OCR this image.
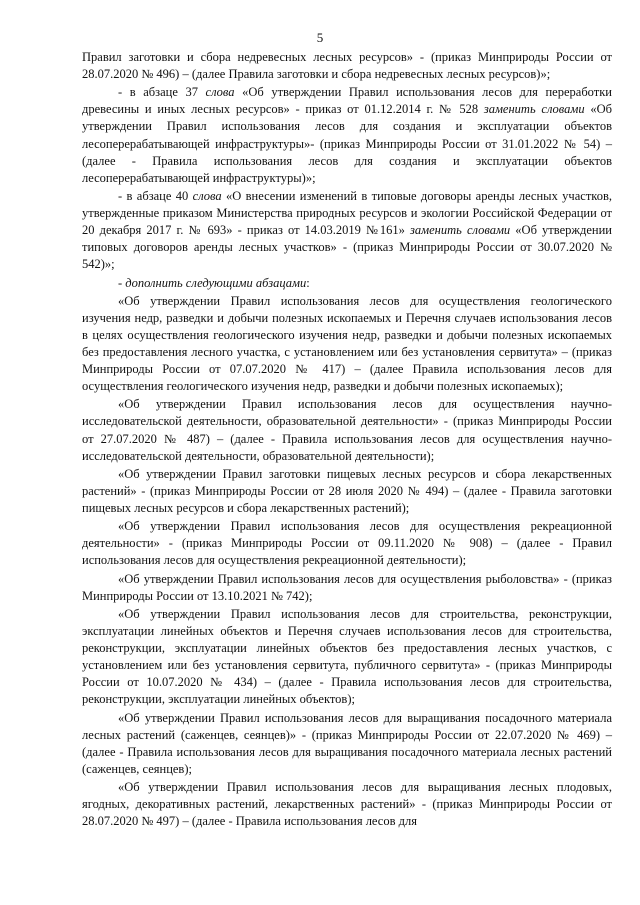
5

Правил заготовки и сбора недревесных лесных ресурсов» - (приказ Минприроды России от 28.07.2020 № 496) – (далее Правила заготовки и сбора недревесных лесных ресурсов)»;

- в абзаце 37 слова «Об утверждении Правил использования лесов для переработки древесины и иных лесных ресурсов» - приказ от 01.12.2014 г. № 528 заменить словами «Об утверждении Правил использования лесов для создания и эксплуатации объектов лесоперерабатывающей инфраструктуры»- (приказ Минприроды России от 31.01.2022 № 54) – (далее - Правила использования лесов для создания и эксплуатации объектов лесоперерабатывающей инфраструктуры)»;

- в абзаце 40 слова «О внесении изменений в типовые договоры аренды лесных участков, утвержденные приказом Министерства природных ресурсов и экологии Российской Федерации от 20 декабря 2017 г. № 693» - приказ от 14.03.2019 №161» заменить словами «Об утверждении типовых договоров аренды лесных участков» - (приказ Минприроды России от 30.07.2020 № 542)»;

- дополнить следующими абзацами:

«Об утверждении Правил использования лесов для осуществления геологического изучения недр, разведки и добычи полезных ископаемых и Перечня случаев использования лесов в целях осуществления геологического изучения недр, разведки и добычи полезных ископаемых без предоставления лесного участка, с установлением или без установления сервитута» – (приказ Минприроды России от 07.07.2020 № 417) – (далее Правила использования лесов для осуществления геологического изучения недр, разведки и добычи полезных ископаемых);

«Об утверждении Правил использования лесов для осуществления научно-исследовательской деятельности, образовательной деятельности» - (приказ Минприроды России от 27.07.2020 № 487) – (далее - Правила использования лесов для осуществления научно-исследовательской деятельности, образовательной деятельности);

«Об утверждении Правил заготовки пищевых лесных ресурсов и сбора лекарственных растений» - (приказ Минприроды России от 28 июля 2020 № 494) – (далее - Правила заготовки пищевых лесных ресурсов и сбора лекарственных растений);

«Об утверждении Правил использования лесов для осуществления рекреационной деятельности» - (приказ Минприроды России от 09.11.2020 № 908) – (далее - Правил использования лесов для осуществления рекреационной деятельности);

«Об утверждении Правил использования лесов для осуществления рыболовства» - (приказ Минприроды России от 13.10.2021 № 742);

«Об утверждении Правил использования лесов для строительства, реконструкции, эксплуатации линейных объектов и Перечня случаев использования лесов для строительства, реконструкции, эксплуатации линейных объектов без предоставления лесных участков, с установлением или без установления сервитута, публичного сервитута» - (приказ Минприроды России от 10.07.2020 № 434) – (далее - Правила использования лесов для строительства, реконструкции, эксплуатации линейных объектов);

«Об утверждении Правил использования лесов для выращивания посадочного материала лесных растений (саженцев, сеянцев)» - (приказ Минприроды России от 22.07.2020 № 469) – (далее - Правила использования лесов для выращивания посадочного материала лесных растений (саженцев, сеянцев);

«Об утверждении Правил использования лесов для выращивания лесных плодовых, ягодных, декоративных растений, лекарственных растений» - (приказ Минприроды России от 28.07.2020 № 497) – (далее - Правила использования лесов для
